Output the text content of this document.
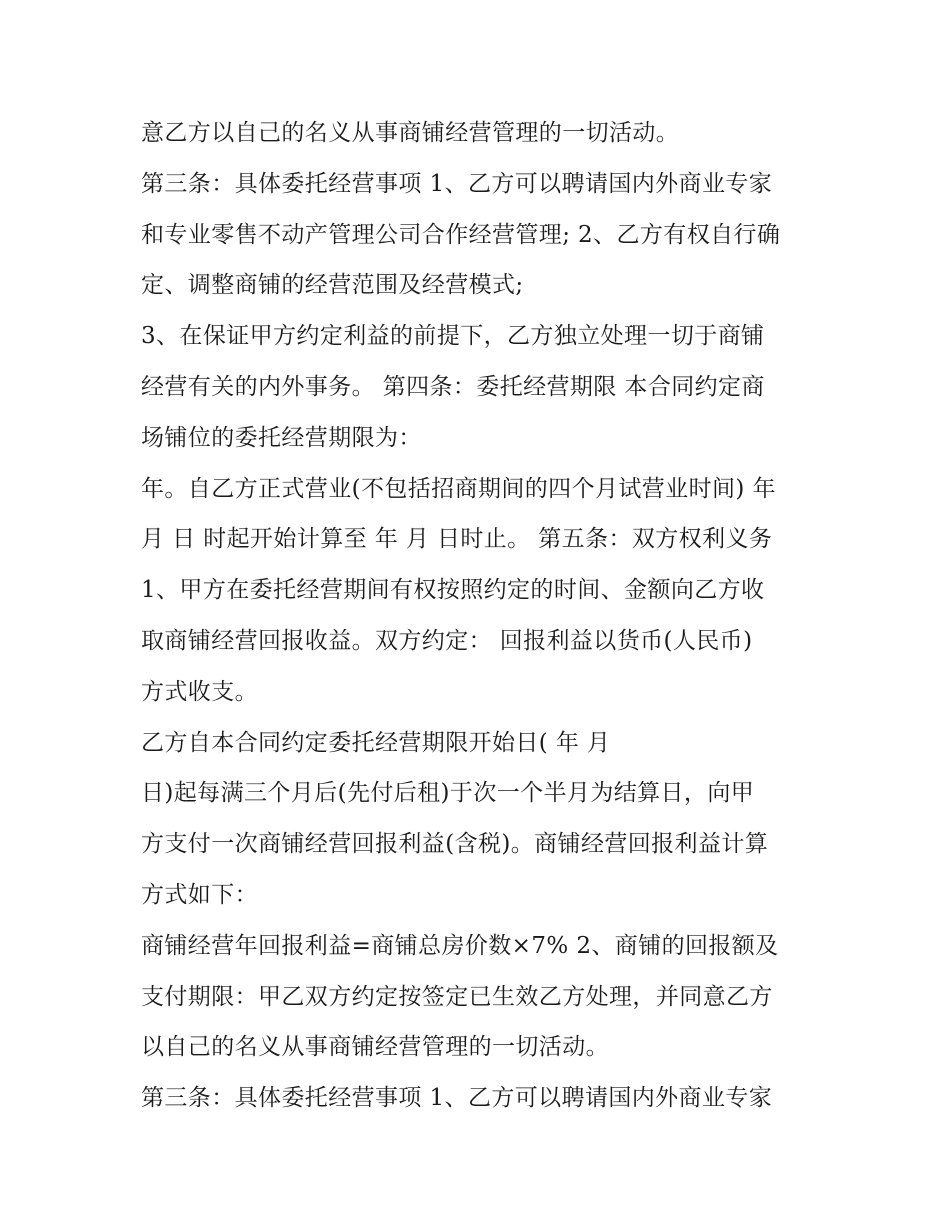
意乙方以自己的名义从事商铺经营管理的一切活动。
第三条：具体委托经营事项 1、乙方可以聘请国内外商业专家
和专业零售不动产管理公司合作经营管理; 2、乙方有权自行确
定、调整商铺的经营范围及经营模式;
3、在保证甲方约定利益的前提下，乙方独立处理一切于商铺
经营有关的内外事务。 第四条：委托经营期限 本合同约定商
场铺位的委托经营期限为：
年。自乙方正式营业(不包括招商期间的四个月试营业时间) 年
月 日 时起开始计算至 年 月 日时止。 第五条：双方权利义务
1、甲方在委托经营期间有权按照约定的时间、金额向乙方收
取商铺经营回报收益。双方约定： 回报利益以货币(人民币)
方式收支。
乙方自本合同约定委托经营期限开始日( 年 月
日)起每满三个月后(先付后租)于次一个半月为结算日，向甲
方支付一次商铺经营回报利益(含税)。商铺经营回报利益计算
方式如下：
商铺经营年回报利益=商铺总房价数×7% 2、商铺的回报额及
支付期限：甲乙双方约定按签定已生效乙方处理，并同意乙方
以自己的名义从事商铺经营管理的一切活动。
第三条：具体委托经营事项 1、乙方可以聘请国内外商业专家
